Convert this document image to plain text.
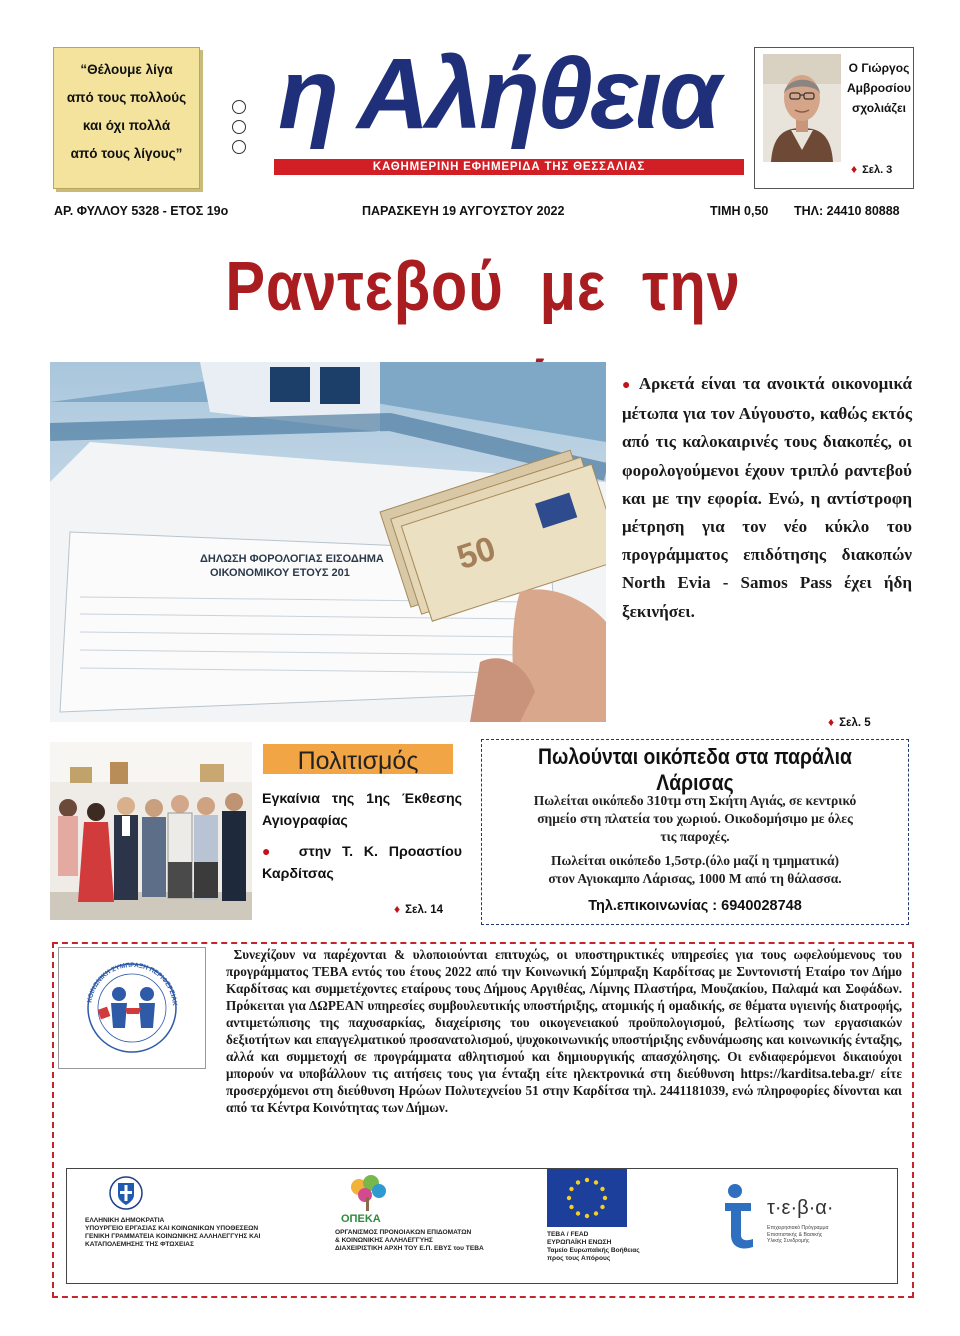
“Θέλουμε λίγα
από τους πολλούς
και όχι πολλά
από τους λίγους”
η Αλήθεια
ΚΑΘΗΜΕΡΙΝΗ ΕΦΗΜΕΡΙΔΑ ΤΗΣ ΘΕΣΣΑΛΙΑΣ
Ο Γιώργος
Αμβροσίου
σχολιάζει
♦ Σελ. 3
ΑΡ. ΦΥΛΛΟΥ 5328 - ΕΤΟΣ 19ο	ΠΑΡΑΣΚΕΥΗ 19 ΑΥΓΟΥΣΤΟΥ 2022	ΤΙΜΗ 0,50 ΤΗΛ: 24410 80888
Ραντεβού με την
ΔΗΛΩΣΗ ΦΟΡΟΛΟΓΙΑΣ ΕΙΣΟΔΗΜΑ
ΟΙΚΟΝΟΜΙΚΟΥ ΕΤΟΥΣ 201	50

● Αρκετά είναι τα ανοικτά οικονομικά μέτωπα για τον Αύγουστο, καθώς εκτός από τις καλοκαιρινές τους διακοπές, οι φορολογούμενοι έχουν τριπλό ραντεβού και με την εφορία. Ενώ, η αντίστροφη μέτρηση για τον νέο κύκλο του προγράμματος επιδότησης διακοπών North Evia - Samos Pass έχει ήδη ξεκινήσει.

♦ Σελ. 5
Πολιτισμός

Εγκαίνια της 1ης Έκθεσης Αγιογραφίας

● στην Τ. Κ. Προαστίου Καρδίτσας

♦ Σελ. 14
Πωλούνται οικόπεδα στα παράλια Λάρισας
Πωλείται οικόπεδο 310τμ στη Σκήτη Αγιάς, σε κεντρικό
σημείο στη πλατεία του χωριού. Οικοδομήσιμο με όλες
τις παροχές.
Πωλείται οικόπεδο 1,5στρ.(όλο μαζί η τμηματικά)
στον Αγιοκαμπο Λάρισας, 1000 Μ από τη θάλασσα.
Τηλ.επικοινωνίας : 6940028748
ΚΟΙΝΩΝΙΚΗ ΣΥΜΠΡΑΞΗ ΠΕΡΙΦΕΡΕΙΑΚ

Συνεχίζουν να παρέχονται & υλοποιούνται επιτυχώς, οι υποστηρικτικές υπηρεσίες για τους ωφελούμενους του προγράμματος ΤΕΒΑ εντός του έτους 2022 από την Κοινωνική Σύμπραξη Καρδίτσας με Συντονιστή Εταίρο τον Δήμο Καρδίτσας και συμμετέχοντες εταίρους τους Δήμους Αργιθέας, Λίμνης Πλαστήρα, Μουζακίου, Παλαμά και Σοφάδων. Πρόκειται για ΔΩΡΕΑΝ υπηρεσίες συμβουλευτικής υποστήριξης, ατομικής ή ομαδικής, σε θέματα υγιεινής διατροφής, αντιμετώπισης της παχυσαρκίας, διαχείρισης του οικογενειακού προϋπολογισμού, βελτίωσης των εργασιακών δεξιοτήτων και επαγγελματικού προσανατολισμού, ψυχοκοινωνικής υποστήριξης ενδυνάμωσης και κοινωνικής ένταξης, αλλά και συμμετοχή σε προγράμματα αθλητισμού και δημιουργικής απασχόλησης. Οι ενδιαφερόμενοι δικαιούχοι μπορούν να υποβάλλουν τις αιτήσεις τους για ένταξη είτε ηλεκτρονικά στη διεύθυνση https://karditsa.teba.gr/ είτε προσερχόμενοι στη διεύθυνση Ηρώων Πολυτεχνείου 51 στην Καρδίτσα τηλ. 2441181039, ενώ πληροφορίες δίνονται και από τα Κέντρα Κοινότητας των Δήμων.

ΕΛΛΗΝΙΚΗ ΔΗΜΟΚΡΑΤΙΑ
ΥΠΟΥΡΓΕΙΟ ΕΡΓΑΣΙΑΣ ΚΑΙ ΚΟΙΝΩΝΙΚΩΝ ΥΠΟΘΕΣΕΩΝ
ΓΕΝΙΚΗ ΓΡΑΜΜΑΤΕΙΑ ΚΟΙΝΩΝΙΚΗΣ ΑΛΛΗΛΕΓΓΥΗΣ ΚΑΙ
ΚΑΤΑΠΟΛΕΜΗΣΗΣ ΤΗΣ ΦΤΩΧΕΙΑΣ
ΟΠΕΚΑ
ΟΡΓΑΝΙΣΜΟΣ ΠΡΟΝΟΙΑΚΩΝ ΕΠΙΔΟΜΑΤΩΝ
& ΚΟΙΝΩΝΙΚΗΣ ΑΛΛΗΛΕΓΓΥΗΣ
ΔΙΑΧΕΙΡΙΣΤΙΚΗ ΑΡΧΗ ΤΟΥ Ε.Π. ΕΒΥΣ του ΤΕΒΑ
ΤΕΒΑ / FEAD
ΕΥΡΩΠΑΪΚΗ ΕΝΩΣΗ
Ταμείο Ευρωπαϊκής Βοήθειας
προς τους Απόρους
τ·ε·β·α·
Επιχειρησιακό Πρόγραμμα
Επισιτιστικής & Βασικής
Υλικής Συνδρομής
